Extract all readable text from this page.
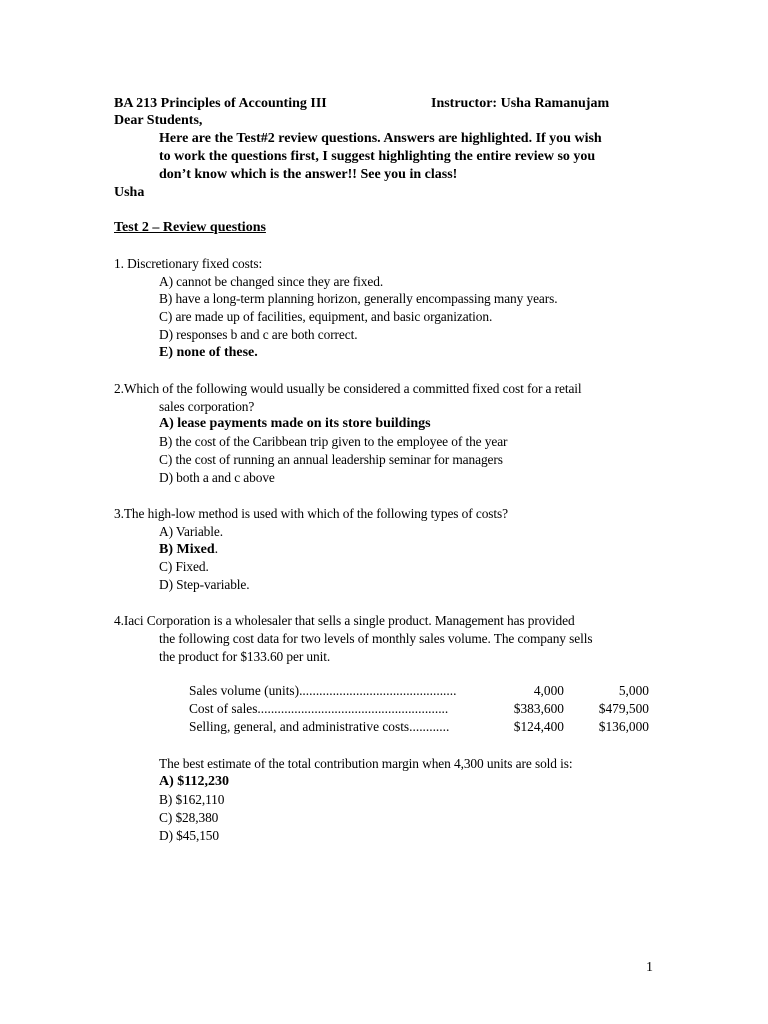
BA 213 Principles of Accounting III	Instructor: Usha Ramanujam
Dear Students,
Here are the Test#2 review questions. Answers are highlighted. If you wish
to work the questions first, I suggest highlighting the entire review so you
don’t know which is the answer!! See you in class!
Usha
Test 2 – Review questions
1. Discretionary fixed costs:
A) cannot be changed since they are fixed.
B) have a long-term planning horizon, generally encompassing many years.
C) are made up of facilities, equipment, and basic organization.
D) responses b and c are both correct.
E) none of these.
2.Which of the following would usually be considered a committed fixed cost for a retail
sales corporation?
A) lease payments made on its store buildings
B) the cost of the Caribbean trip given to the employee of the year
C) the cost of running an annual leadership seminar for managers
D) both a and c above
3.The high-low method is used with which of the following types of costs?
A) Variable.
B) Mixed.
C) Fixed.
D) Step-variable.
4.Iaci Corporation is a wholesaler that sells a single product. Management has provided
the following cost data for two levels of monthly sales volume. The company sells
the product for $133.60 per unit.
Sales volume (units)...............................................	4,000	5,000
Cost of sales.........................................................	$383,600	$479,500
Selling, general, and administrative costs............	$124,400	$136,000
The best estimate of the total contribution margin when 4,300 units are sold is:
A) $112,230
B) $162,110
C) $28,380
D) $45,150
1
